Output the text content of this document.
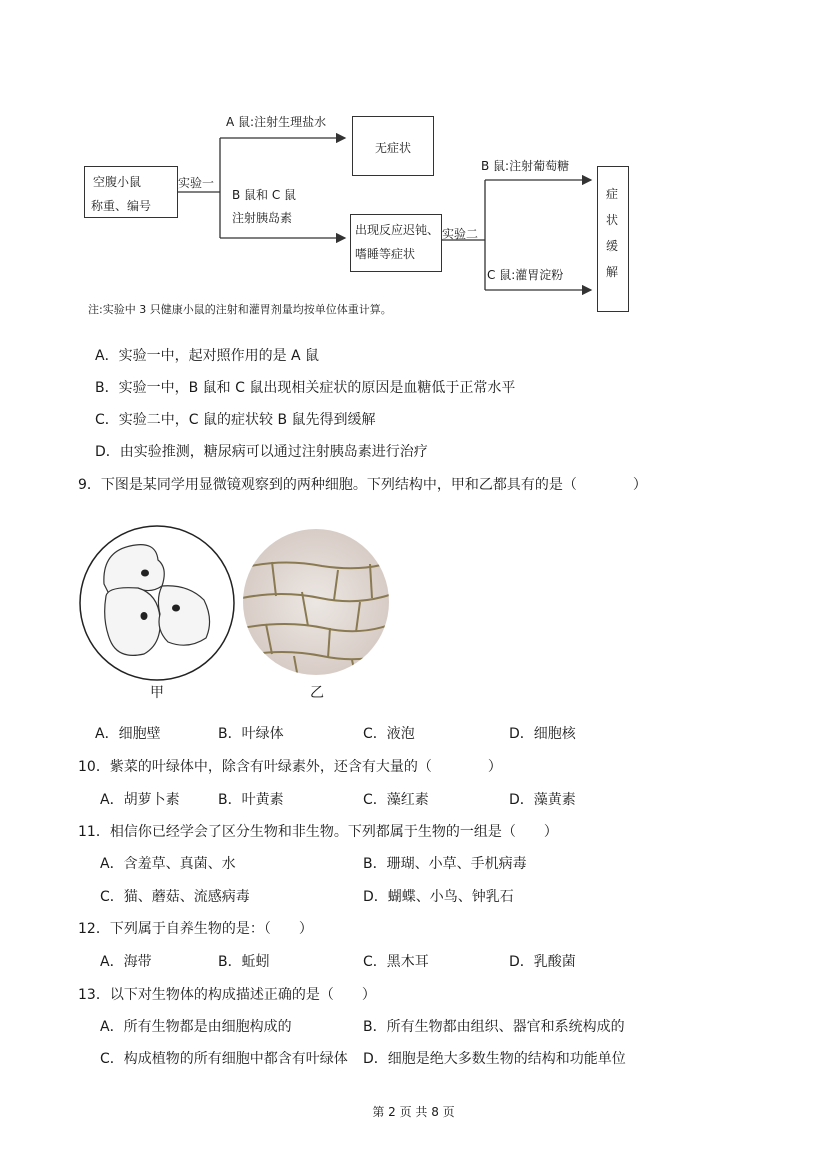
空腹小鼠
称重、编号
实验一
A 鼠:注射生理盐水
B 鼠和 C 鼠
注射胰岛素
无症状
出现反应迟钝、
嗜睡等症状
实验二
B 鼠:注射葡萄糖
C 鼠:灌胃淀粉
症
状
缓
解
注:实验中 3 只健康小鼠的注射和灌胃剂量均按单位体重计算。
A．实验一中，起对照作用的是 A 鼠
B．实验一中，B 鼠和 C 鼠出现相关症状的原因是血糖低于正常水平
C．实验二中，C 鼠的症状较 B 鼠先得到缓解
D．由实验推测，糖尿病可以通过注射胰岛素进行治疗
9．下图是某同学用显微镜观察到的两种细胞。下列结构中，甲和乙都具有的是（　　　　）
甲	乙
A．细胞壁	B．叶绿体	C．液泡	D．细胞核
10．紫菜的叶绿体中，除含有叶绿素外，还含有大量的（　　　　）
A．胡萝卜素	B．叶黄素	C．藻红素	D．藻黄素
11．相信你已经学会了区分生物和非生物。下列都属于生物的一组是（　　）
A．含羞草、真菌、水	B．珊瑚、小草、手机病毒
C．猫、蘑菇、流感病毒	D．蝴蝶、小鸟、钟乳石
12．下列属于自养生物的是：（　　）
A．海带	B．蚯蚓	C．黑木耳	D．乳酸菌
13．以下对生物体的构成描述正确的是（　　）
A．所有生物都是由细胞构成的	B．所有生物都由组织、器官和系统构成的
C．构成植物的所有细胞中都含有叶绿体 D．细胞是绝大多数生物的结构和功能单位
第 2 页 共 8 页
